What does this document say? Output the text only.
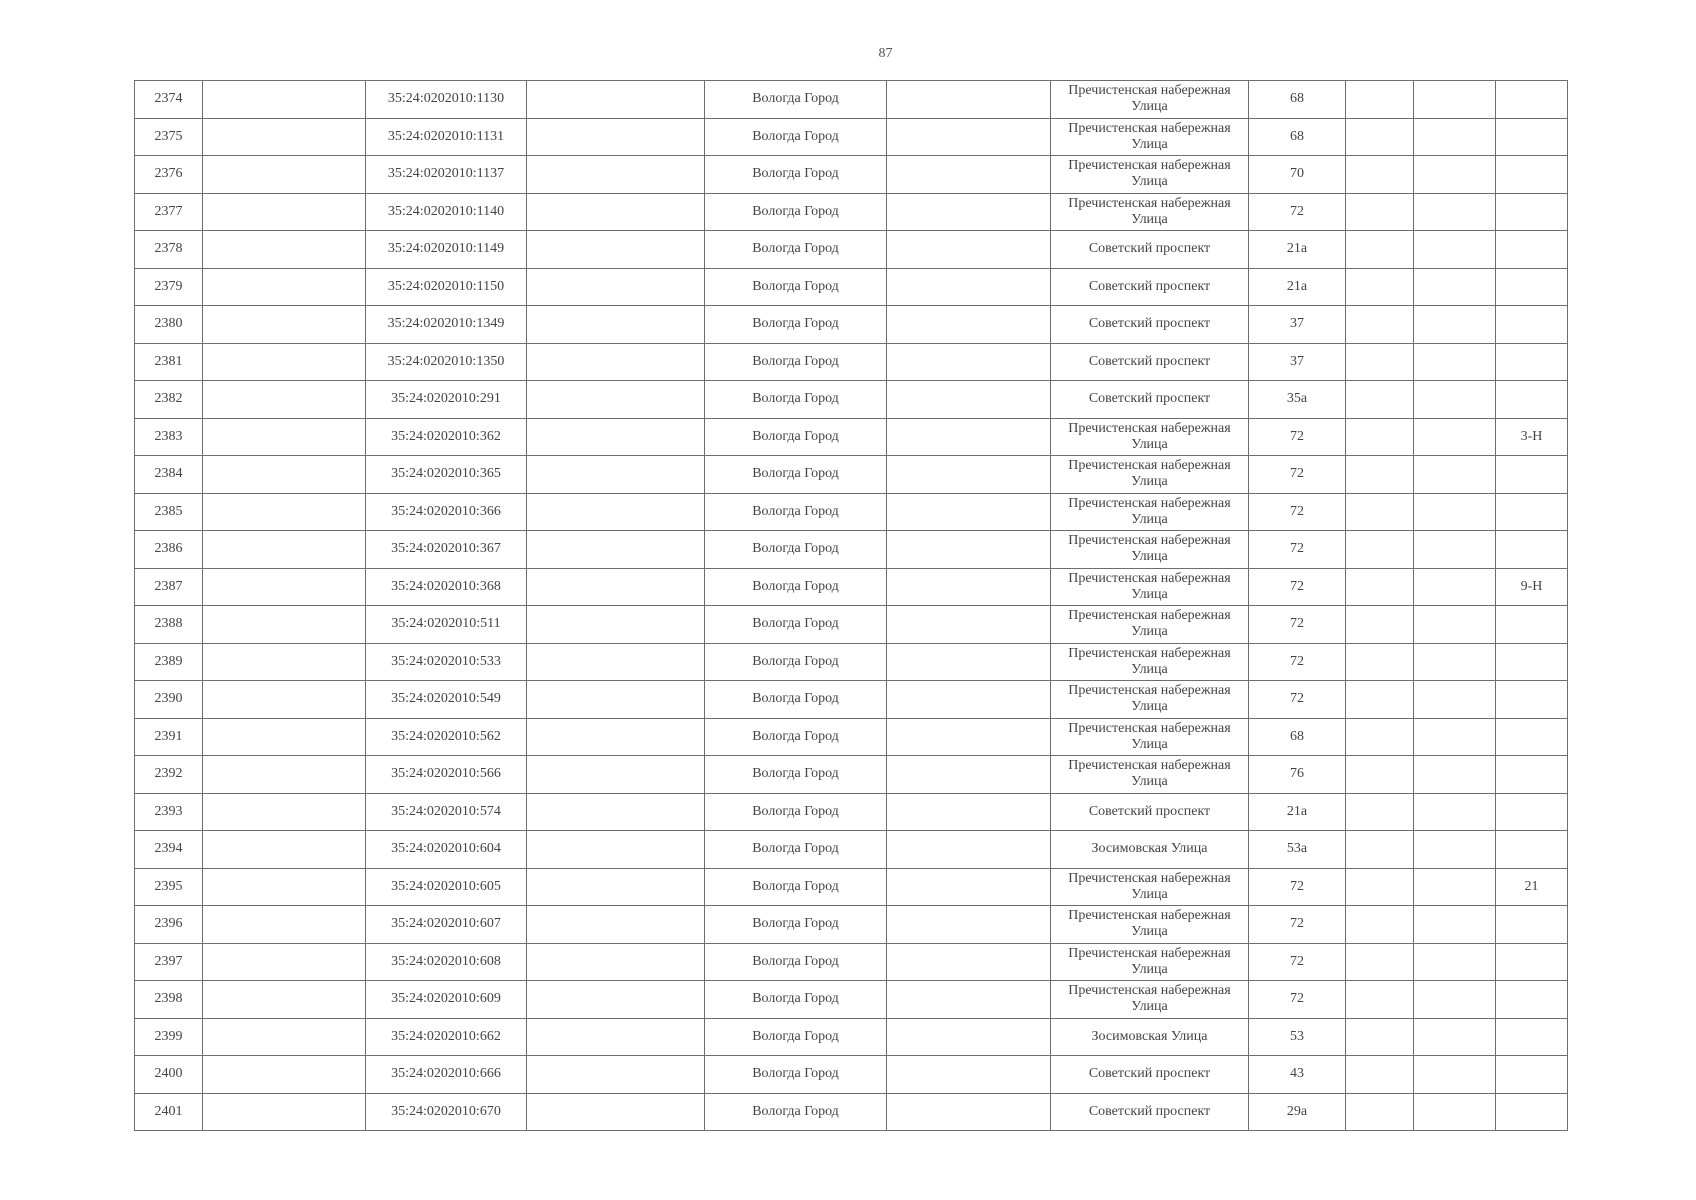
87
2374		35:24:0202010:1130		Вологда Город		Пречистенская набережная Улица	68			
2375		35:24:0202010:1131		Вологда Город		Пречистенская набережная Улица	68			
2376		35:24:0202010:1137		Вологда Город		Пречистенская набережная Улица	70			
2377		35:24:0202010:1140		Вологда Город		Пречистенская набережная Улица	72			
2378		35:24:0202010:1149		Вологда Город		Советский проспект	21а			
2379		35:24:0202010:1150		Вологда Город		Советский проспект	21а			
2380		35:24:0202010:1349		Вологда Город		Советский проспект	37			
2381		35:24:0202010:1350		Вологда Город		Советский проспект	37			
2382		35:24:0202010:291		Вологда Город		Советский проспект	35а			
2383		35:24:0202010:362		Вологда Город		Пречистенская набережная Улица	72			3-Н
2384		35:24:0202010:365		Вологда Город		Пречистенская набережная Улица	72			
2385		35:24:0202010:366		Вологда Город		Пречистенская набережная Улица	72			
2386		35:24:0202010:367		Вологда Город		Пречистенская набережная Улица	72			
2387		35:24:0202010:368		Вологда Город		Пречистенская набережная Улица	72			9-Н
2388		35:24:0202010:511		Вологда Город		Пречистенская набережная Улица	72			
2389		35:24:0202010:533		Вологда Город		Пречистенская набережная Улица	72			
2390		35:24:0202010:549		Вологда Город		Пречистенская набережная Улица	72			
2391		35:24:0202010:562		Вологда Город		Пречистенская набережная Улица	68			
2392		35:24:0202010:566		Вологда Город		Пречистенская набережная Улица	76			
2393		35:24:0202010:574		Вологда Город		Советский проспект	21а			
2394		35:24:0202010:604		Вологда Город		Зосимовская Улица	53а			
2395		35:24:0202010:605		Вологда Город		Пречистенская набережная Улица	72			21
2396		35:24:0202010:607		Вологда Город		Пречистенская набережная Улица	72			
2397		35:24:0202010:608		Вологда Город		Пречистенская набережная Улица	72			
2398		35:24:0202010:609		Вологда Город		Пречистенская набережная Улица	72			
2399		35:24:0202010:662		Вологда Город		Зосимовская Улица	53			
2400		35:24:0202010:666		Вологда Город		Советский проспект	43			
2401		35:24:0202010:670		Вологда Город		Советский проспект	29а			
